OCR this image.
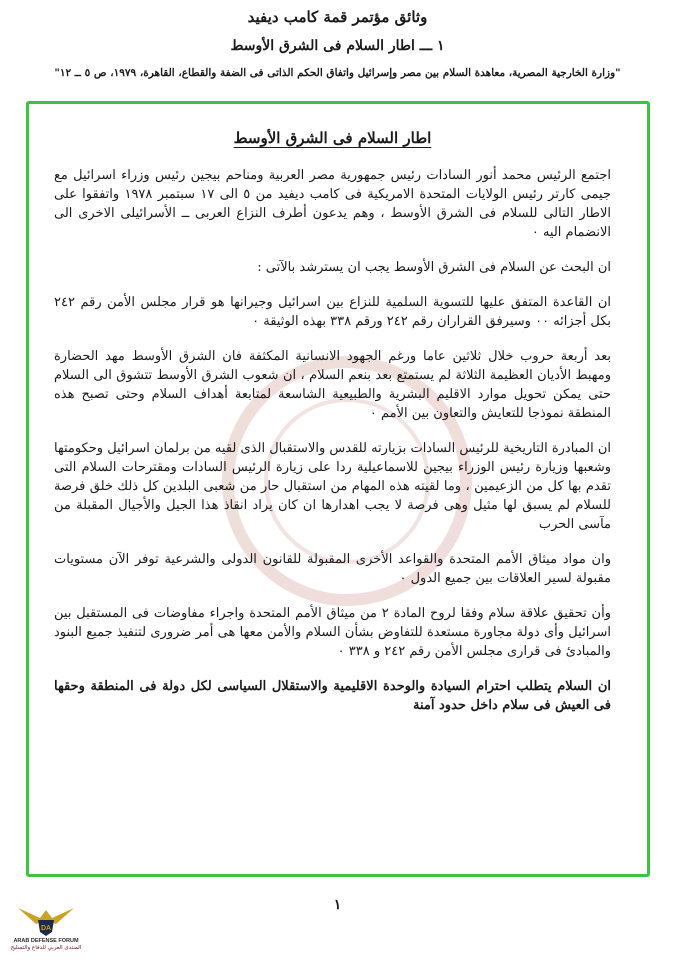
وثائق مؤتمر قمة كامب ديفيد
١ ـــ اطار السلام فى الشرق الأوسط
"وزارة الخارجية المصرية، معاهدة السلام بين مصر وإسرائيل واتفاق الحكم الذاتى فى الضفة والقطاع، القاهرة، ١٩٧٩، ص ٥ ــ ١٢"
اطار السلام فى الشرق الأوسط

اجتمع الرئيس محمد أنور السادات رئيس جمهورية مصر العربية ومناحم بيجين رئيس وزراء اسرائيل مع جيمى كارتر رئيس الولايات المتحدة الامريكية فى كامب ديفيد من ٥ الى ١٧ سبتمبر ١٩٧٨ واتفقوا على الاطار التالى للسلام فى الشرق الأوسط ، وهم يدعون أطرف النزاع العربى ــ الأسرائيلى الاخرى الى الانضمام اليه ٠

ان البحث عن السلام فى الشرق الأوسط يجب ان يسترشد بالآتى :

ان القاعدة المتفق عليها للتسوية السلمية للنزاع بين اسرائيل وجيرانها هو قرار مجلس الأمن رقم ٢٤٢ بكل أجزائه ٠٠ وسيرفق القراران رقم ٢٤٢ ورقم ٣٣٨ بهذه الوثيقة ٠

بعد أربعة حروب خلال ثلاثين عاما ورغم الجهود الانسانية المكثفة فان الشرق الأوسط مهد الحضارة ومهبط الأديان العظيمة الثلاثة لم يستمتع بعد بنعم السلام ، ان شعوب الشرق الأوسط تتشوق الى السلام حتى يمكن تحويل موارد الاقليم البشرية والطبيعية الشاسعة لمتابعة أهداف السلام وحتى تصبح هذه المنطقة نموذجا للتعايش والتعاون بين الأمم ٠

ان المبادرة التاريخية للرئيس السادات بزيارته للقدس والاستقبال الذى لقيه من برلمان اسرائيل وحكومتها وشعبها وزيارة رئيس الوزراء بيجين للاسماعيلية ردا على زيارة الرئيس السادات ومقترحات السلام التى تقدم بها كل من الزعيمين ، وما لقيته هذه المهام من استقبال حار من شعبى البلدين كل ذلك خلق فرصة للسلام لم يسبق لها مثيل وهى فرصة لا يجب اهدارها ان كان يراد انقاذ هذا الجيل والأجيال المقبلة من مآسى الحرب

وان مواد ميثاق الأمم المتحدة والقواعد الأخرى المقبولة للقانون الدولى والشرعية توفر الآن مستويات مقبولة لسير العلاقات بين جميع الدول ٠

وأن تحقيق علاقة سلام وفقا لروح المادة ٢ من ميثاق الأمم المتحدة واجراء مفاوضات فى المستقبل بين اسرائيل وأى دولة مجاورة مستعدة للتفاوض بشأن السلام والأمن معها هى أمر ضرورى لتنفيذ جميع البنود والمبادئ فى قرارى مجلس الأمن رقم ٢٤٢ و ٣٣٨ ٠

ان السلام يتطلب احترام السيادة والوحدة الاقليمية والاستقلال السياسى لكل دولة فى المنطقة وحقها فى العيش فى سلام داخل حدود آمنة

١
DA
ARAB DEFENSE FORUM
المنتدى العربي للدفاع والتسليح
